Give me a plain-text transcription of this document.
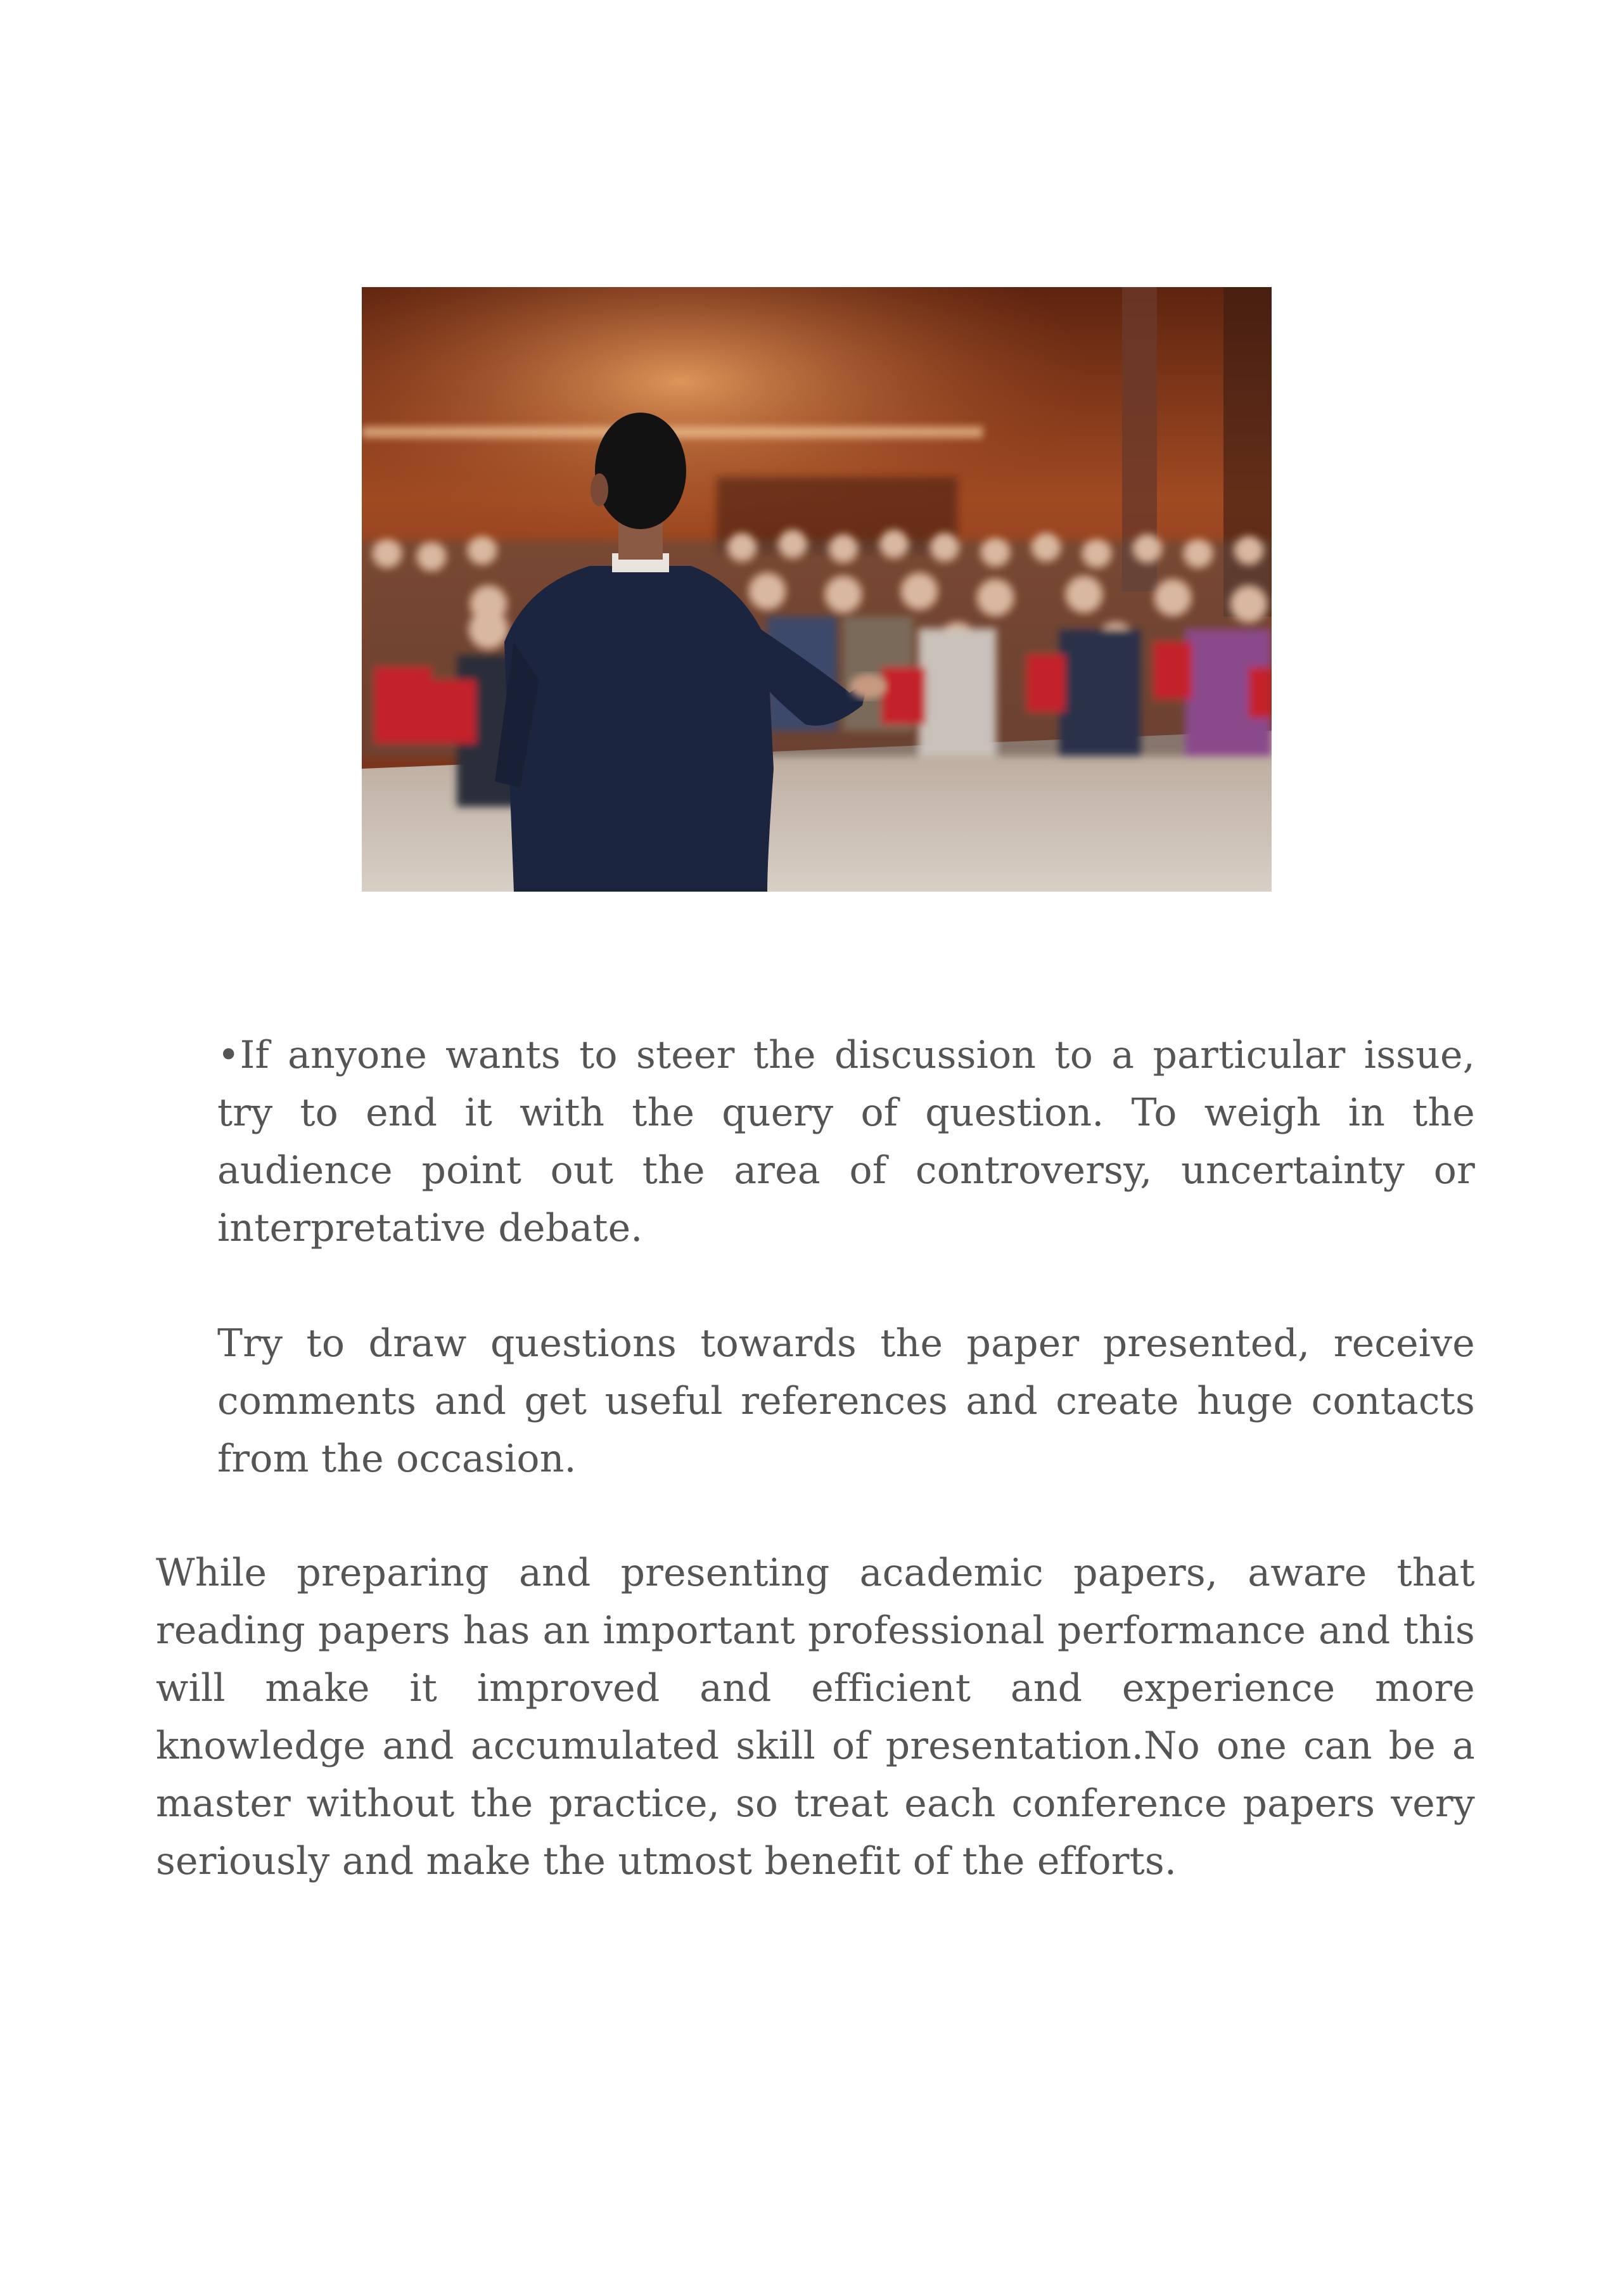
•If anyone wants to steer the discussion to a particular issue, try to end it with the query of question. To weigh in the audience point out the area of controversy, uncertainty or interpretative debate.

Try to draw questions towards the paper presented, receive comments and get useful references and create huge contacts from the occasion.

While preparing and presenting academic papers, aware that reading papers has an important professional performance and this will make it improved and efficient and experience more knowledge and accumulated skill of presentation.No one can be a master without the practice, so treat each conference papers very seriously and make the utmost benefit of the efforts.
